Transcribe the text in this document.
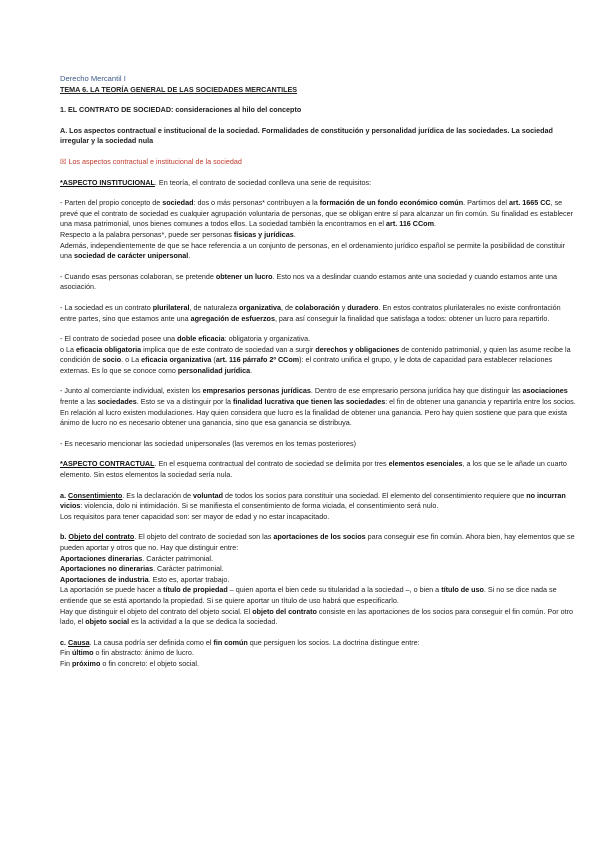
Derecho Mercantil I

TEMA 6. LA TEORÍA GENERAL DE LAS SOCIEDADES MERCANTILES

1. EL CONTRATO DE SOCIEDAD: consideraciones al hilo del concepto

A. Los aspectos contractual e institucional de la sociedad. Formalidades de constitución y personalidad jurídica de las sociedades. La sociedad irregular y la sociedad nula

☒ Los aspectos contractual e institucional de la sociedad

*ASPECTO INSTITUCIONAL. En teoría, el contrato de sociedad conlleva una serie de requisitos:

- Parten del propio concepto de sociedad: dos o más personas* contribuyen a la formación de un fondo económico común. Partimos del art. 1665 CC, se prevé que el contrato de sociedad es cualquier agrupación voluntaria de personas, que se obligan entre sí para alcanzar un fin común. Su finalidad es establecer una masa patrimonial, unos bienes comunes a todos ellos. La sociedad también la encontramos en el art. 116 CCom.

Respecto a la palabra personas*, puede ser personas físicas y jurídicas.

Además, independientemente de que se hace referencia a un conjunto de personas, en el ordenamiento jurídico español se permite la posibilidad de constituir una sociedad de carácter unipersonal.

- Cuando esas personas colaboran, se pretende obtener un lucro. Esto nos va a deslindar cuando estamos ante una sociedad y cuando estamos ante una asociación.

- La sociedad es un contrato plurilateral, de naturaleza organizativa, de colaboración y duradero. En estos contratos plurilaterales no existe confrontación entre partes, sino que estamos ante una agregación de esfuerzos, para así conseguir la finalidad que satisfaga a todos: obtener un lucro para repartirlo.

- El contrato de sociedad posee una doble eficacia: obligatoria y organizativa.

o La eficacia obligatoria implica que de este contrato de sociedad van a surgir derechos y obligaciones de contenido patrimonial, y quien las asume recibe la condición de socio. o La eficacia organizativa (art. 116 párrafo 2º CCom): el contrato unifica el grupo, y le dota de capacidad para establecer relaciones externas. Es lo que se conoce como personalidad jurídica.

- Junto al comerciante individual, existen los empresarios personas jurídicas. Dentro de ese empresario persona jurídica hay que distinguir las asociaciones frente a las sociedades. Esto se va a distinguir por la finalidad lucrativa que tienen las sociedades: el fin de obtener una ganancia y repartirla entre los socios.

En relación al lucro existen modulaciones. Hay quien considera que lucro es la finalidad de obtener una ganancia. Pero hay quien sostiene que para que exista ánimo de lucro no es necesario obtener una ganancia, sino que esa ganancia se distribuya.

- Es necesario mencionar las sociedad unipersonales (las veremos en los temas posteriores)

*ASPECTO CONTRACTUAL. En el esquema contractual del contrato de sociedad se delimita por tres elementos esenciales, a los que se le añade un cuarto elemento. Sin estos elementos la sociedad sería nula.

a. Consentimiento. Es la declaración de voluntad de todos los socios para constituir una sociedad. El elemento del consentimiento requiere que no incurran vicios: violencia, dolo ni intimidación. Si se manifiesta el consentimiento de forma viciada, el consentimiento será nulo.

Los requisitos para tener capacidad son: ser mayor de edad y no estar incapacitado.

b. Objeto del contrato. El objeto del contrato de sociedad son las aportaciones de los socios para conseguir ese fin común. Ahora bien, hay elementos que se pueden aportar y otros que no. Hay que distinguir entre:

Aportaciones dinerarias. Carácter patrimonial.

Aportaciones no dinerarias. Carácter patrimonial.

Aportaciones de industria. Esto es, aportar trabajo.

La aportación se puede hacer a título de propiedad – quien aporta el bien cede su titularidad a la sociedad –, o bien a título de uso. Si no se dice nada se entiende que se está aportando la propiedad. Si se quiere aportar un título de uso habrá que especificarlo.

Hay que distinguir el objeto del contrato del objeto social. El objeto del contrato consiste en las aportaciones de los socios para conseguir el fin común. Por otro lado, el objeto social es la actividad a la que se dedica la sociedad.

c. Causa. La causa podría ser definida como el fin común que persiguen los socios. La doctrina distingue entre:

Fin último o fin abstracto: ánimo de lucro.

Fin próximo o fin concreto: el objeto social.
